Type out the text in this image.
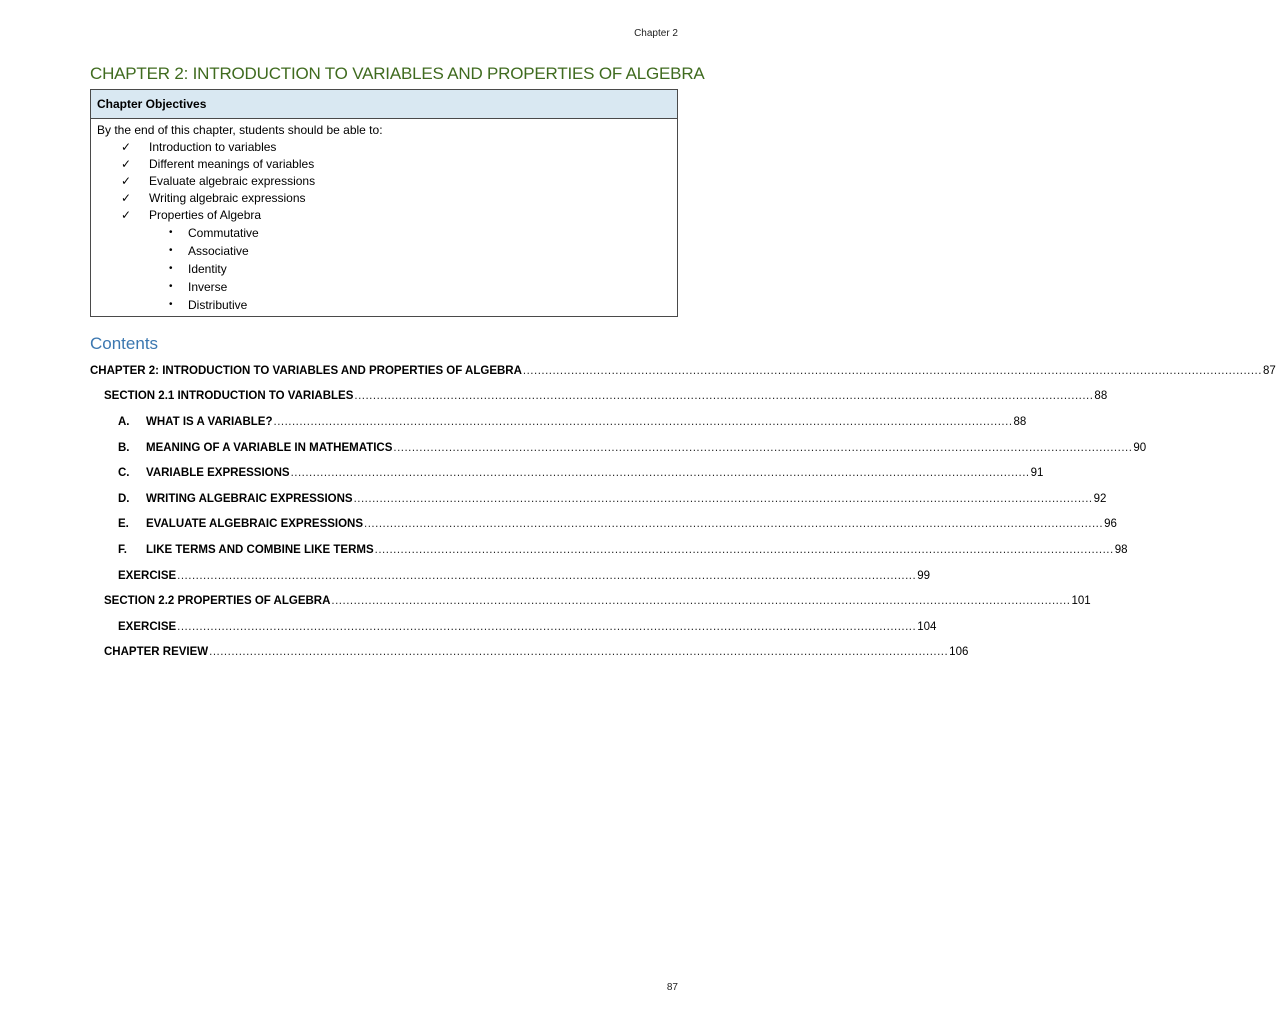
Chapter 2
CHAPTER 2: INTRODUCTION TO VARIABLES AND PROPERTIES OF ALGEBRA
Chapter Objectives
By the end of this chapter, students should be able to:
✓	Introduction to variables
✓	Different meanings of variables
✓	Evaluate algebraic expressions
✓	Writing algebraic expressions
✓	Properties of Algebra
• Commutative
• Associative
• Identity
• Inverse
• Distributive
Contents
CHAPTER 2: INTRODUCTION TO VARIABLES AND PROPERTIES OF ALGEBRA ........................................................................................................................................................................................................ 87
SECTION 2.1 INTRODUCTION TO VARIABLES ........................................................................................................................................................................................................ 88
A.	WHAT IS A VARIABLE? ........................................................................................................................................................................................................ 88
B.	MEANING OF A VARIABLE IN MATHEMATICS ........................................................................................................................................................................................................ 90
C.	VARIABLE EXPRESSIONS ........................................................................................................................................................................................................ 91
D.	WRITING ALGEBRAIC EXPRESSIONS ........................................................................................................................................................................................................ 92
E.	EVALUATE ALGEBRAIC EXPRESSIONS ........................................................................................................................................................................................................ 96
F.	LIKE TERMS AND COMBINE LIKE TERMS ........................................................................................................................................................................................................ 98
EXERCISE ........................................................................................................................................................................................................ 99
SECTION 2.2 PROPERTIES OF ALGEBRA ........................................................................................................................................................................................................ 101
EXERCISE ........................................................................................................................................................................................................ 104
CHAPTER REVIEW ........................................................................................................................................................................................................ 106
87
